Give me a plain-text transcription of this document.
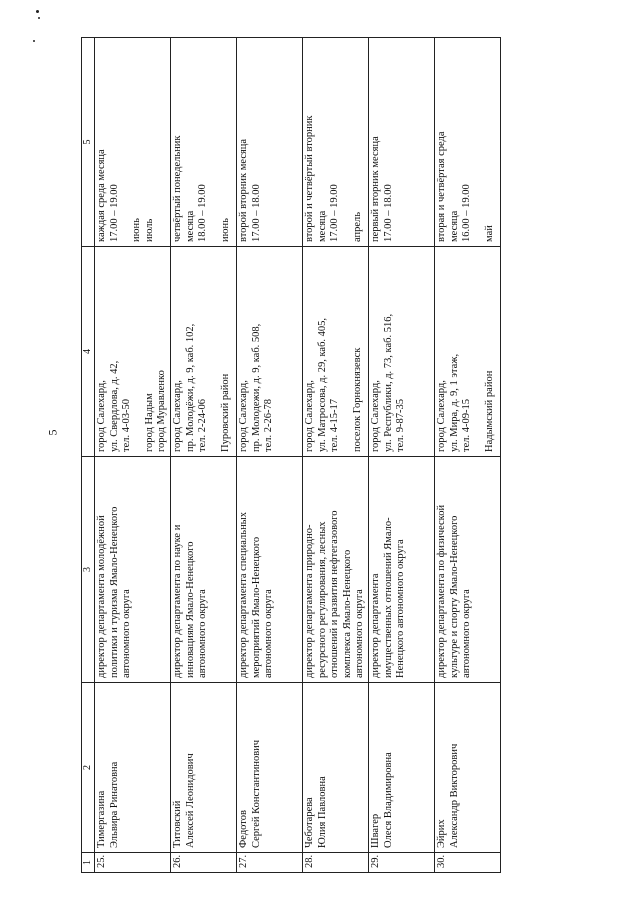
5
1	2	3	4	5
25.	Тимергазина Эльвира Ринатовна	директор департамента молодёжной политики и туризма Ямало-Ненецкого автономного округа	город Салехард, ул. Свердлова, д. 42, тел. 4-03-50 город Надым город Муравленко	каждая среда месяца 17.00 – 19.00 июнь июль

26.	Титовский Алексей Леонидович	директор департамента по науке и инновациям Ямало-Ненецкого автономного округа	город Салехард, пр. Молодёжи, д. 9, каб. 102, тел. 2-24-06 Пуровский район	четвёртый понедельник месяца 18.00 – 19.00 июнь

27.	Федотов Сергей Константинович	директор департамента специальных мероприятий Ямало-Ненецкого автономного округа	город Салехард, пр. Молодежи, д. 9, каб. 508, тел. 2-26-78	второй вторник месяца 17.00 – 18.00

28.	Чеботарева Юлия Павловна	директор департамента природно- ресурсного регулирования, лесных отношений и развития нефтегазового комплекса Ямало-Ненецкого автономного округа	город Салехард, ул. Матросова, д. 29, каб. 405, тел. 4-15-17 поселок Горнокнязевск	второй и четвёртый вторник месяца 17.00 – 19.00 апрель

29.	Швагер Олеся Владимировна	директор департамента имущественных отношений Ямало- Ненецкого автономного округа	город Салехард, ул. Республики, д. 73, каб. 516, тел. 9-87-35	первый вторник месяца 17.00 – 18.00

30.	Эйрих Александр Викторович	директор департамента по физической культуре и спорту Ямало-Ненецкого автономного округа	город Салехард, ул. Мира, д. 9, 1 этаж, тел. 4-09-15 Надымский район	вторая и четвёртая среда месяца 16.00 – 19.00 май
